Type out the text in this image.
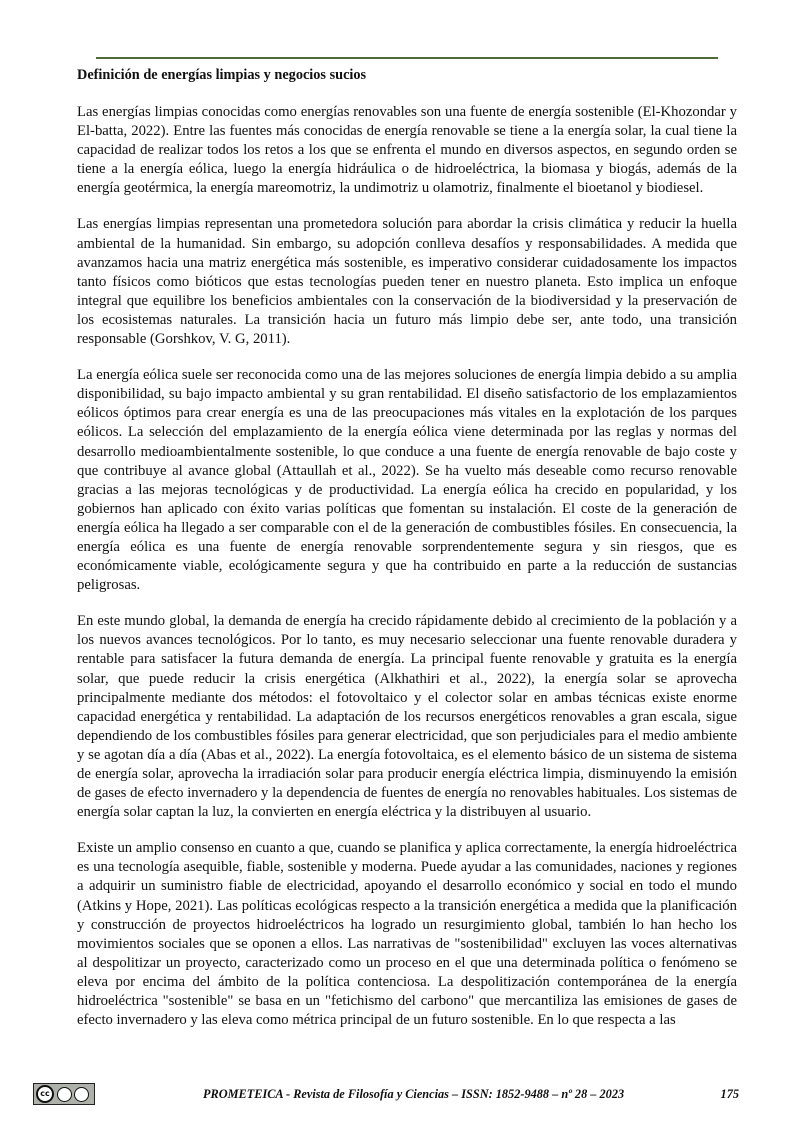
Definición de energías limpias y negocios sucios

Las energías limpias conocidas como energías renovables son una fuente de energía sostenible (El-Khozondar y El-batta, 2022). Entre las fuentes más conocidas de energía renovable se tiene a la energía solar, la cual tiene la capacidad de realizar todos los retos a los que se enfrenta el mundo en diversos aspectos, en segundo orden se tiene a la energía eólica, luego la energía hidráulica o de hidroeléctrica, la biomasa y biogás, además de la energía geotérmica, la energía mareomotriz, la undimotriz u olamotriz, finalmente el bioetanol y biodiesel.

Las energías limpias representan una prometedora solución para abordar la crisis climática y reducir la huella ambiental de la humanidad. Sin embargo, su adopción conlleva desafíos y responsabilidades. A medida que avanzamos hacia una matriz energética más sostenible, es imperativo considerar cuidadosamente los impactos tanto físicos como bióticos que estas tecnologías pueden tener en nuestro planeta. Esto implica un enfoque integral que equilibre los beneficios ambientales con la conservación de la biodiversidad y la preservación de los ecosistemas naturales. La transición hacia un futuro más limpio debe ser, ante todo, una transición responsable (Gorshkov, V. G, 2011).

La energía eólica suele ser reconocida como una de las mejores soluciones de energía limpia debido a su amplia disponibilidad, su bajo impacto ambiental y su gran rentabilidad. El diseño satisfactorio de los emplazamientos eólicos óptimos para crear energía es una de las preocupaciones más vitales en la explotación de los parques eólicos. La selección del emplazamiento de la energía eólica viene determinada por las reglas y normas del desarrollo medioambientalmente sostenible, lo que conduce a una fuente de energía renovable de bajo coste y que contribuye al avance global (Attaullah et al., 2022). Se ha vuelto más deseable como recurso renovable gracias a las mejoras tecnológicas y de productividad. La energía eólica ha crecido en popularidad, y los gobiernos han aplicado con éxito varias políticas que fomentan su instalación. El coste de la generación de energía eólica ha llegado a ser comparable con el de la generación de combustibles fósiles. En consecuencia, la energía eólica es una fuente de energía renovable sorprendentemente segura y sin riesgos, que es económicamente viable, ecológicamente segura y que ha contribuido en parte a la reducción de sustancias peligrosas.

En este mundo global, la demanda de energía ha crecido rápidamente debido al crecimiento de la población y a los nuevos avances tecnológicos. Por lo tanto, es muy necesario seleccionar una fuente renovable duradera y rentable para satisfacer la futura demanda de energía. La principal fuente renovable y gratuita es la energía solar, que puede reducir la crisis energética (Alkhathiri et al., 2022), la energía solar se aprovecha principalmente mediante dos métodos: el fotovoltaico y el colector solar en ambas técnicas existe enorme capacidad energética y rentabilidad. La adaptación de los recursos energéticos renovables a gran escala, sigue dependiendo de los combustibles fósiles para generar electricidad, que son perjudiciales para el medio ambiente y se agotan día a día (Abas et al., 2022). La energía fotovoltaica, es el elemento básico de un sistema de sistema de energía solar, aprovecha la irradiación solar para producir energía eléctrica limpia, disminuyendo la emisión de gases de efecto invernadero y la dependencia de fuentes de energía no renovables habituales. Los sistemas de energía solar captan la luz, la convierten en energía eléctrica y la distribuyen al usuario.

Existe un amplio consenso en cuanto a que, cuando se planifica y aplica correctamente, la energía hidroeléctrica es una tecnología asequible, fiable, sostenible y moderna. Puede ayudar a las comunidades, naciones y regiones a adquirir un suministro fiable de electricidad, apoyando el desarrollo económico y social en todo el mundo (Atkins y Hope, 2021). Las políticas ecológicas respecto a la transición energética a medida que la planificación y construcción de proyectos hidroeléctricos ha logrado un resurgimiento global, también lo han hecho los movimientos sociales que se oponen a ellos. Las narrativas de "sostenibilidad" excluyen las voces alternativas al despolitizar un proyecto, caracterizado como un proceso en el que una determinada política o fenómeno se eleva por encima del ámbito de la política contenciosa. La despolitización contemporánea de la energía hidroeléctrica "sostenible" se basa en un "fetichismo del carbono" que mercantiliza las emisiones de gases de efecto invernadero y las eleva como métrica principal de un futuro sostenible. En lo que respecta a las

cc	PROMETEICA - Revista de Filosofía y Ciencias – ISSN: 1852-9488 – nº 28 – 2023	175
